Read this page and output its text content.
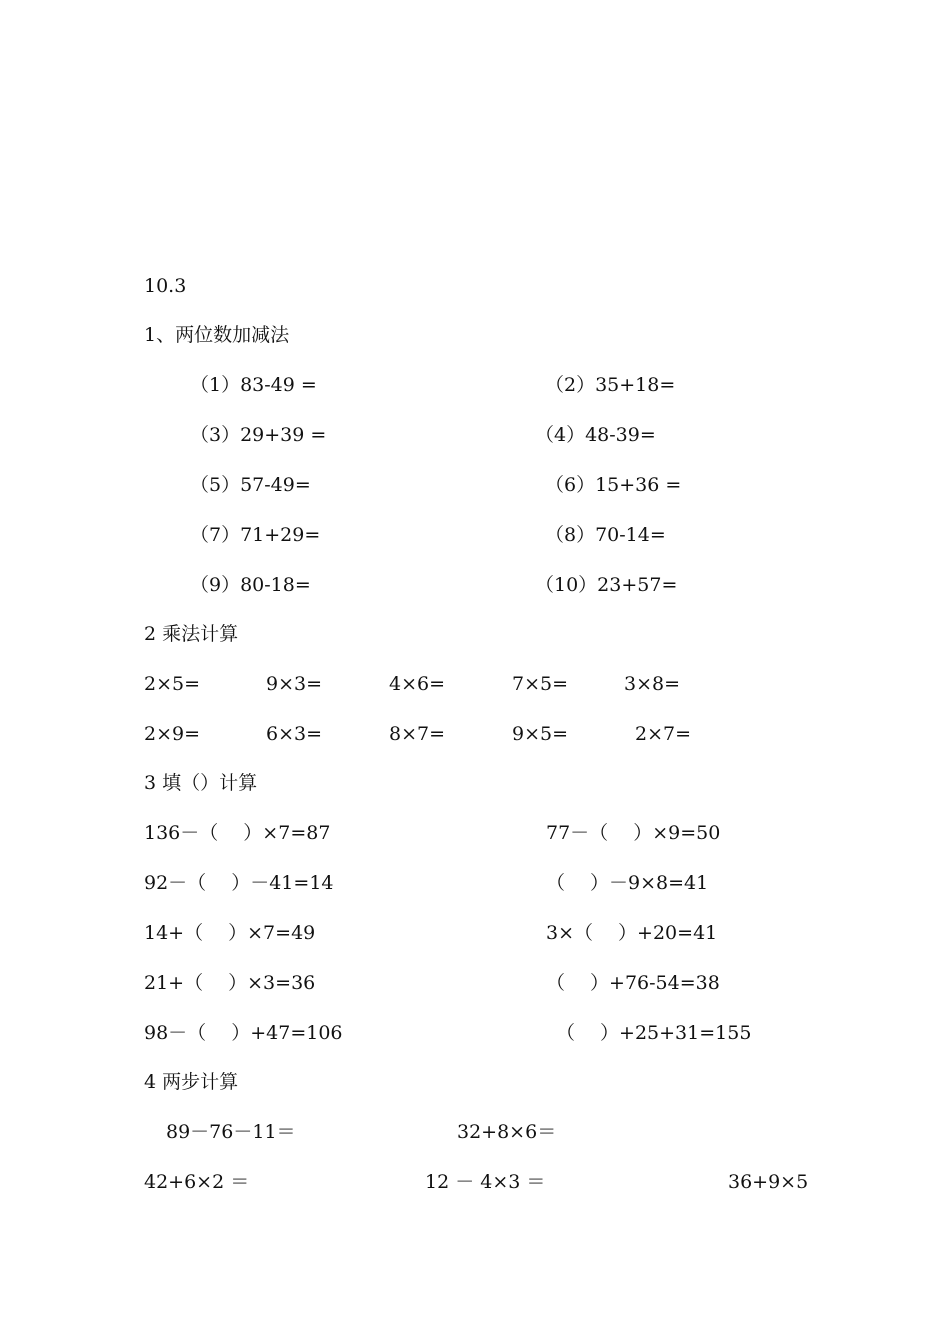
10.3
1、两位数加减法
（1）83-49 =	（2）35+18=
（3）29+39 =	（4）48-39=
（5）57-49=	（6）15+36 =
（7）71+29=	（8）70-14=
（9）80-18=	（10）23+57=
2 乘法计算
2×5=	9×3=	4×6=	7×5=	3×8=
2×9=	6×3=	8×7=	9×5=	2×7=
3 填（）计算
136－（　 ）×7=87	77－（　 ）×9=50
92－（　 ）－41=14	（　 ）－9×8=41
14+（　 ）×7=49	3×（　 ）+20=41
21+（　 ）×3=36	（　 ）+76-54=38
98－（　 ）+47=106	（　 ）+25+31=155
4 两步计算
89－76－11＝	32+8×6＝
42+6×2 ＝	12 － 4×3 ＝	36+9×5
